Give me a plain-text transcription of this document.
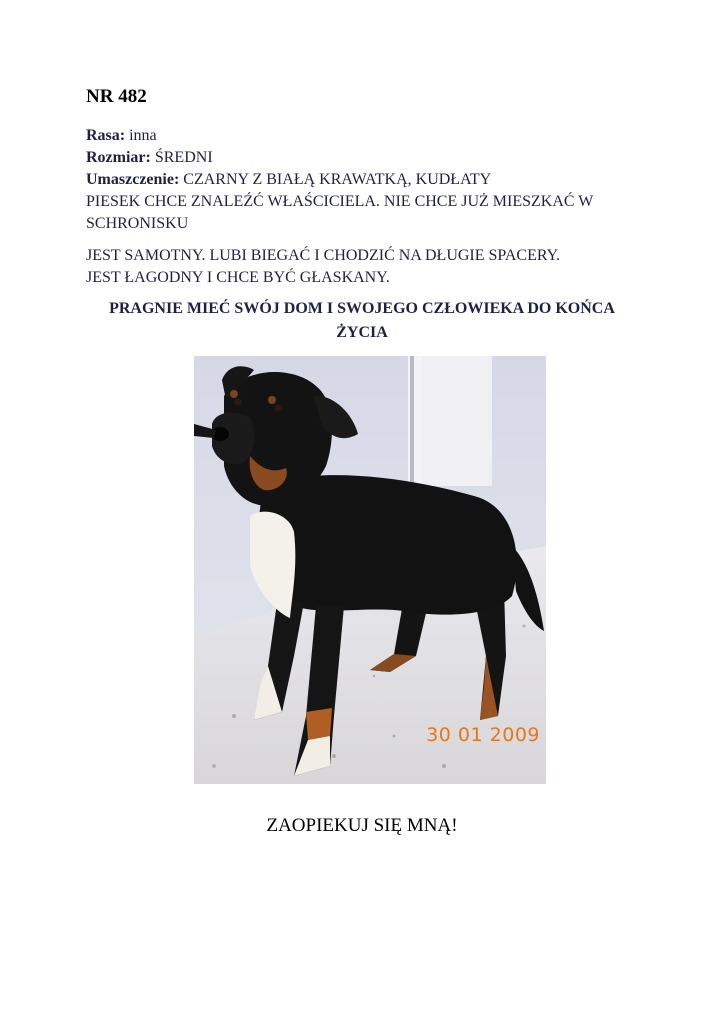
NR 482
Rasa: inna
Rozmiar: ŚREDNI
Umaszczenie: CZARNY Z BIAŁĄ KRAWATKĄ, KUDŁATY
PIESEK CHCE ZNALEŹĆ WŁAŚCICIELA. NIE CHCE JUŻ MIESZKAĆ W
SCHRONISKU
JEST SAMOTNY. LUBI BIEGAĆ I CHODZIĆ NA DŁUGIE SPACERY.
JEST ŁAGODNY I CHCE BYĆ GŁASKANY.
PRAGNIE MIEĆ SWÓJ DOM I SWOJEGO CZŁOWIEKA DO KOŃCA
ŻYCIA
30 01 2009
ZAOPIEKUJ SIĘ MNĄ!
